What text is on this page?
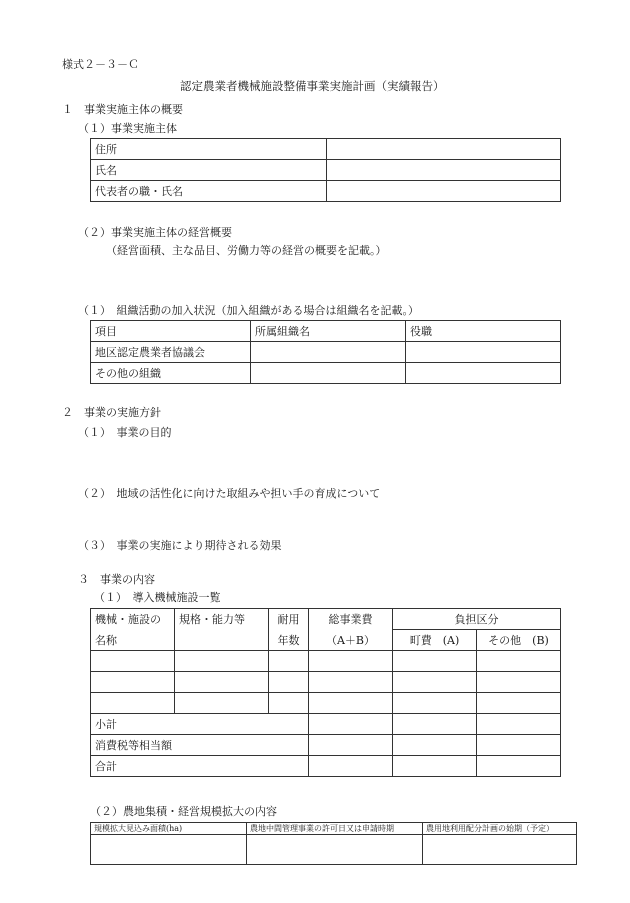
様式２－３－Ｃ
認定農業者機械施設整備事業実施計画（実績報告）
１　事業実施主体の概要
（１）事業実施主体
住所	
氏名	
代表者の職・氏名	
（２）事業実施主体の経営概要
（経営面積、主な品目、労働力等の経営の概要を記載。）
（１）　組織活動の加入状況（加入組織がある場合は組織名を記載。）
項目	所属組織名	役職
地区認定農業者協議会		
その他の組織		
２　事業の実施方針
（１）　事業の目的
（２）　地域の活性化に向けた取組みや担い手の育成について
（３）　事業の実施により期待される効果
３　事業の内容
（１）　導入機械施設一覧
機械・施設の	規格・能力等	耐用	総事業費	負担区分	
名称		年数	（A＋B）	町費　(A)	その他　(B)

小計					
消費税等相当額					
合計					
（２）農地集積・経営規模拡大の内容
規模拡大見込み面積(ha)	農地中間管理事業の許可日又は申請時期	農用地利用配分計画の始期（予定）
